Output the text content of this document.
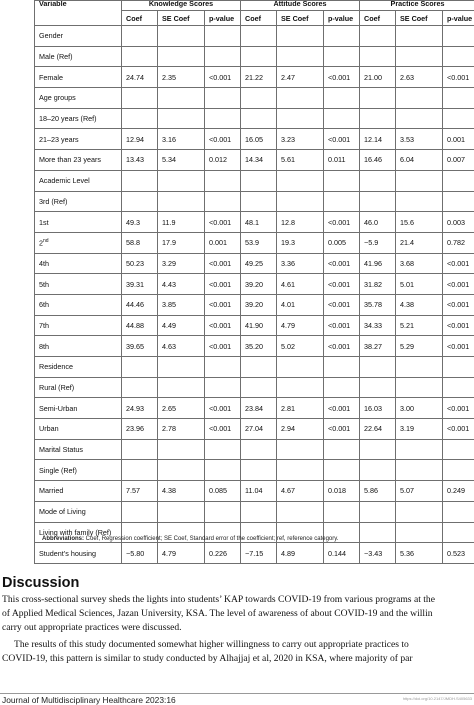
Variable	Knowledge Scores			Attitude Scores			Practice Scores		
	Coef	SE Coef	p-value	Coef	SE Coef	p-value	Coef	SE Coef	p-value
Gender									
Male (Ref)									
Female	24.74	2.35	<0.001	21.22	2.47	<0.001	21.00	2.63	<0.001
Age groups									
18–20 years (Ref)									
21–23 years	12.94	3.16	<0.001	16.05	3.23	<0.001	12.14	3.53	0.001
More than 23 years	13.43	5.34	0.012	14.34	5.61	0.011	16.46	6.04	0.007
Academic Level									
3rd (Ref)									
1st	49.3	11.9	<0.001	48.1	12.8	<0.001	46.0	15.6	0.003
2nd	58.8	17.9	0.001	53.9	19.3	0.005	−5.9	21.4	0.782
4th	50.23	3.29	<0.001	49.25	3.36	<0.001	41.96	3.68	<0.001
5th	39.31	4.43	<0.001	39.20	4.61	<0.001	31.82	5.01	<0.001
6th	44.46	3.85	<0.001	39.20	4.01	<0.001	35.78	4.38	<0.001
7th	44.88	4.49	<0.001	41.90	4.79	<0.001	34.33	5.21	<0.001
8th	39.65	4.63	<0.001	35.20	5.02	<0.001	38.27	5.29	<0.001
Residence									
Rural (Ref)									
Semi-Urban	24.93	2.65	<0.001	23.84	2.81	<0.001	16.03	3.00	<0.001
Urban	23.96	2.78	<0.001	27.04	2.94	<0.001	22.64	3.19	<0.001
Marital Status									
Single (Ref)									
Married	7.57	4.38	0.085	11.04	4.67	0.018	5.86	5.07	0.249
Mode of Living									
Living with family (Ref)									
Student’s housing	−5.80	4.79	0.226	−7.15	4.89	0.144	−3.43	5.36	0.523
Abbreviations: Coef, Regression coefficient; SE Coef, Standard error of the coefficient; ref, reference category.
Discussion
This cross-sectional survey sheds the lights into students’ KAP towards COVID-19 from various programs at the
of Applied Medical Sciences, Jazan University, KSA. The level of awareness of about COVID-19 and the willin
carry out appropriate practices were discussed.
The results of this study documented somewhat higher willingness to carry out appropriate practices to
COVID-19, this pattern is similar to study conducted by Alhajjaj et al, 2020 in KSA, where majority of par
Journal of Multidisciplinary Healthcare 2023:16	https://doi.org/10.2147/JMDH.S405633
